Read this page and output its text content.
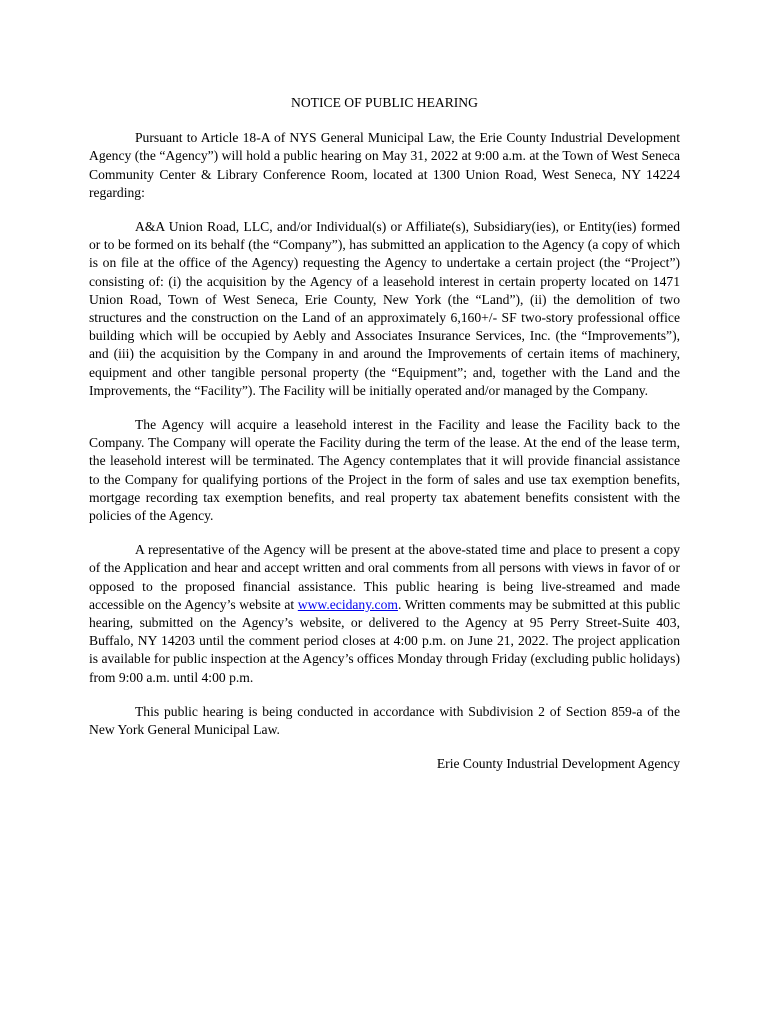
NOTICE OF PUBLIC HEARING

Pursuant to Article 18-A of NYS General Municipal Law, the Erie County Industrial Development Agency (the “Agency”) will hold a public hearing on May 31, 2022 at 9:00 a.m. at the Town of West Seneca Community Center & Library Conference Room, located at 1300 Union Road, West Seneca, NY 14224 regarding:

A&A Union Road, LLC, and/or Individual(s) or Affiliate(s), Subsidiary(ies), or Entity(ies) formed or to be formed on its behalf (the “Company”), has submitted an application to the Agency (a copy of which is on file at the office of the Agency) requesting the Agency to undertake a certain project (the “Project”) consisting of: (i) the acquisition by the Agency of a leasehold interest in certain property located on 1471 Union Road, Town of West Seneca, Erie County, New York (the “Land”), (ii) the demolition of two structures and the construction on the Land of an approximately 6,160+/- SF two-story professional office building which will be occupied by Aebly and Associates Insurance Services, Inc. (the “Improvements”), and (iii) the acquisition by the Company in and around the Improvements of certain items of machinery, equipment and other tangible personal property (the “Equipment”; and, together with the Land and the Improvements, the “Facility”). The Facility will be initially operated and/or managed by the Company.

The Agency will acquire a leasehold interest in the Facility and lease the Facility back to the Company. The Company will operate the Facility during the term of the lease. At the end of the lease term, the leasehold interest will be terminated. The Agency contemplates that it will provide financial assistance to the Company for qualifying portions of the Project in the form of sales and use tax exemption benefits, mortgage recording tax exemption benefits, and real property tax abatement benefits consistent with the policies of the Agency.

A representative of the Agency will be present at the above-stated time and place to present a copy of the Application and hear and accept written and oral comments from all persons with views in favor of or opposed to the proposed financial assistance. This public hearing is being live-streamed and made accessible on the Agency’s website at www.ecidany.com. Written comments may be submitted at this public hearing, submitted on the Agency’s website, or delivered to the Agency at 95 Perry Street-Suite 403, Buffalo, NY 14203 until the comment period closes at 4:00 p.m. on June 21, 2022. The project application is available for public inspection at the Agency’s offices Monday through Friday (excluding public holidays) from 9:00 a.m. until 4:00 p.m.

This public hearing is being conducted in accordance with Subdivision 2 of Section 859-a of the New York General Municipal Law.

Erie County Industrial Development Agency
